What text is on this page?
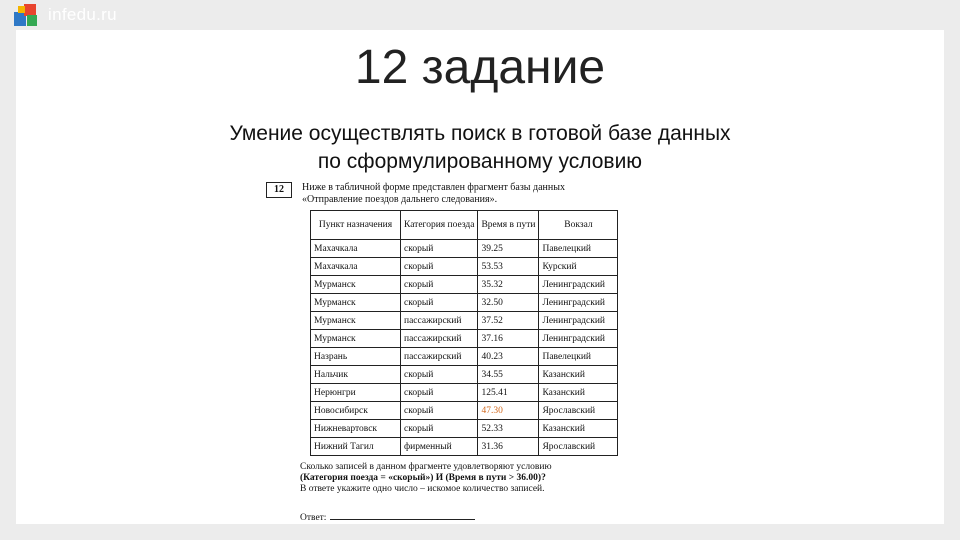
infedu.ru
12 задание
Умение осуществлять поиск в готовой базе данных
по сформулированному условию
12	Ниже в табличной форме представлен фрагмент базы данных
«Отправление поездов дальнего следования».
Пункт назначения	Категория поезда	Время в пути	Вокзал
Махачкала	скорый	39.25	Павелецкий
Махачкала	скорый	53.53	Курский
Мурманск	скорый	35.32	Ленинградский
Мурманск	скорый	32.50	Ленинградский
Мурманск	пассажирский	37.52	Ленинградский
Мурманск	пассажирский	37.16	Ленинградский
Назрань	пассажирский	40.23	Павелецкий
Нальчик	скорый	34.55	Казанский
Нерюнгри	скорый	125.41	Казанский
Новосибирск	скорый	47.30	Ярославский
Нижневартовск	скорый	52.33	Казанский
Нижний Тагил	фирменный	31.36	Ярославский
Сколько записей в данном фрагменте удовлетворяют условию
(Категория поезда = «скорый») И (Время в пути > 36.00)?
В ответе укажите одно число – искомое количество записей.
Ответ:
